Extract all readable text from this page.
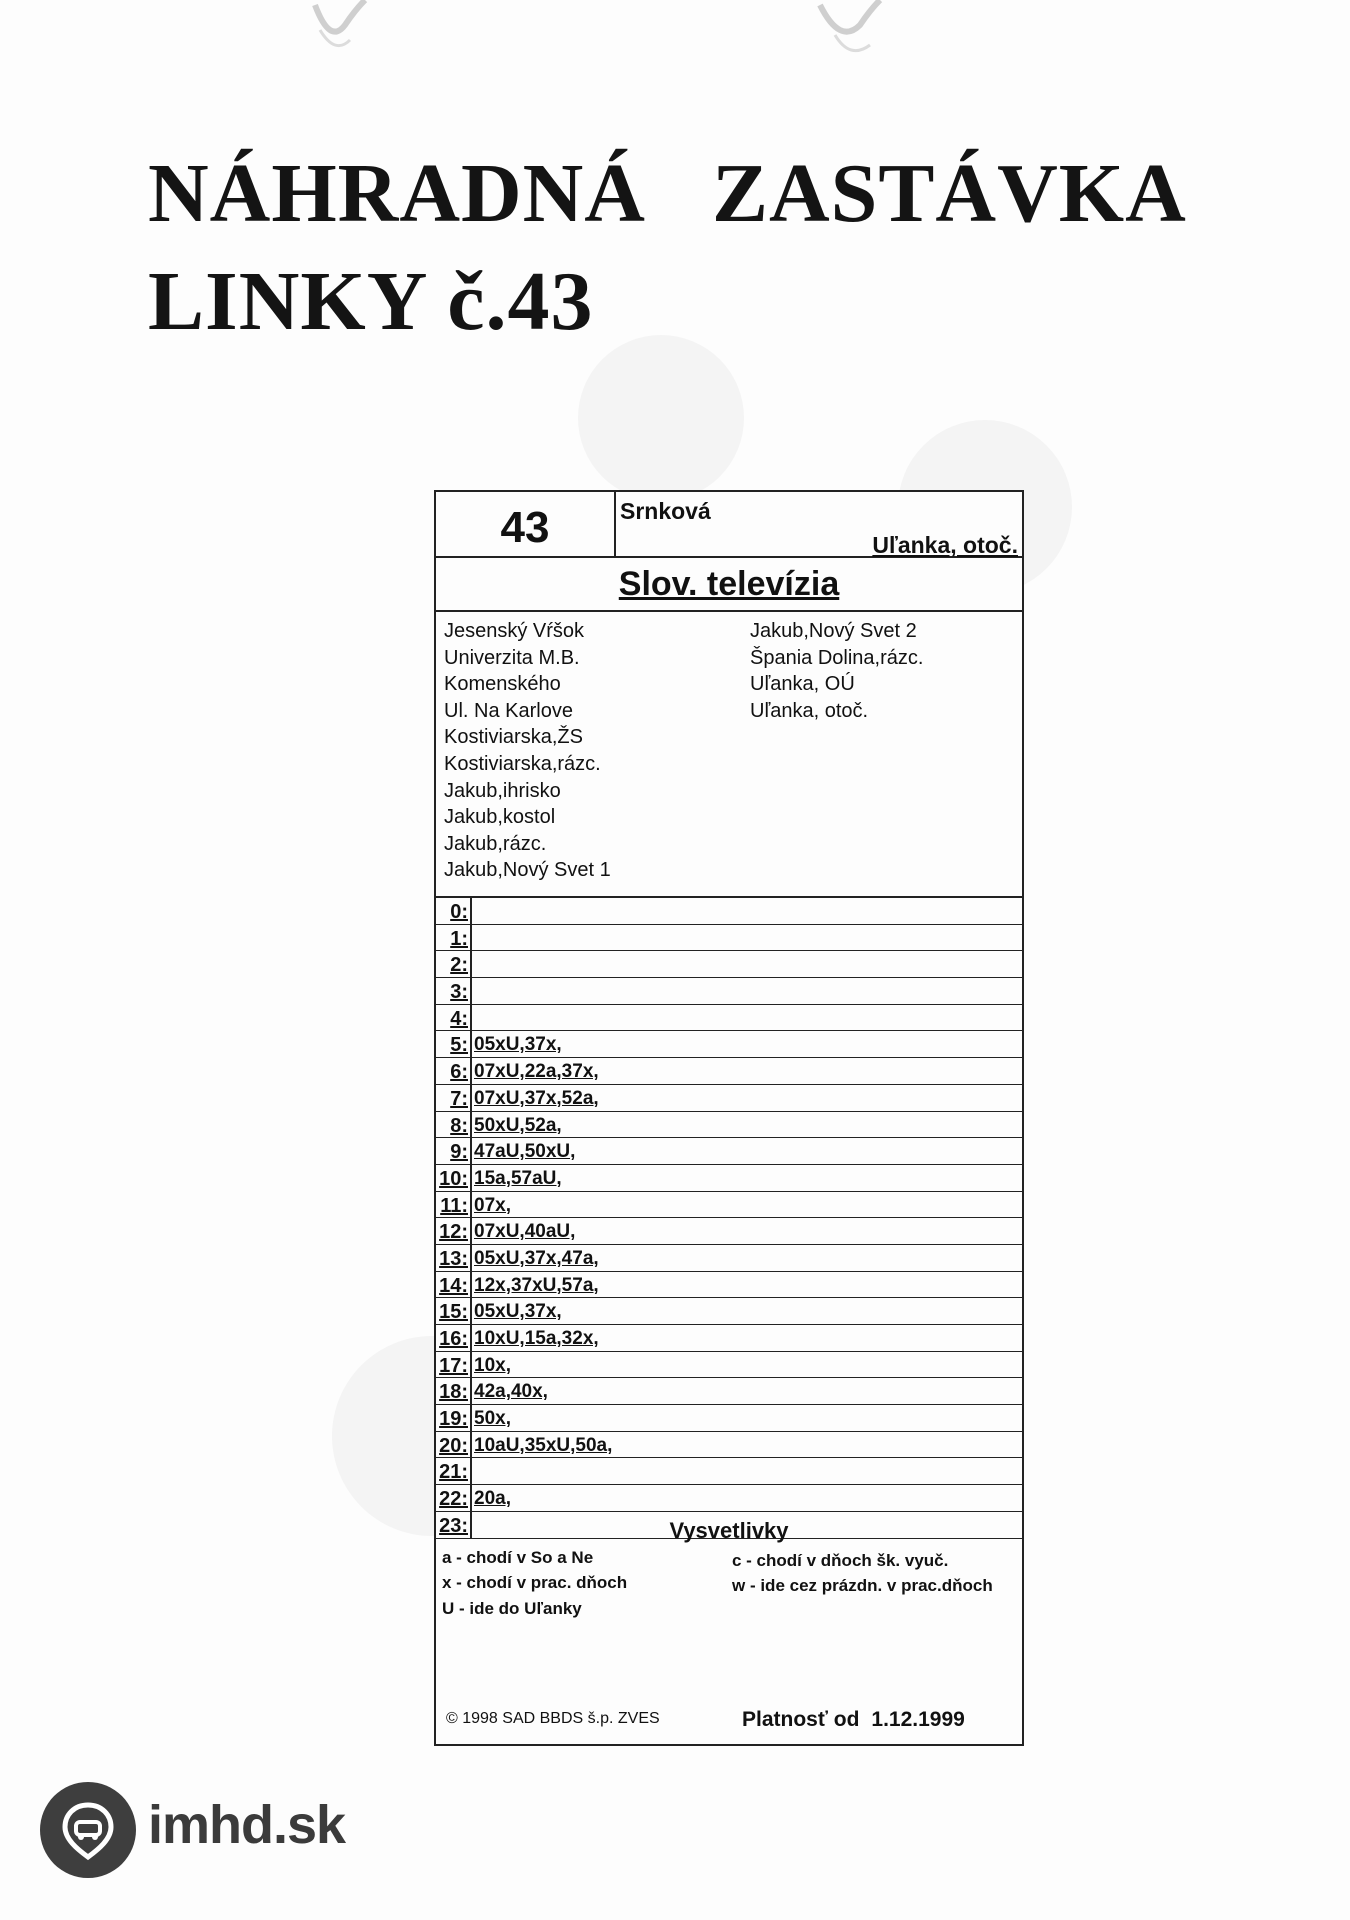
NÁHRADNÁ   ZASTÁVKA
LINKY č.43
43	Srnková
Uľanka, otoč.
Slov. televízia
Jesenský Vŕšok
Univerzita M.B.
Komenského
Ul. Na Karlove
Kostiviarska,ŽS
Kostiviarska,rázc.
Jakub,ihrisko
Jakub,kostol
Jakub,rázc.
Jakub,Nový Svet 1
Jakub,Nový Svet 2
Španiа Dolina,rázc.
Uľanka, OÚ
Uľanka, otoč.
0:
1:
2:
3:
4:
5: 05xU,37x,
6: 07xU,22a,37x,
7: 07xU,37x,52a,
8: 50xU,52a,
9: 47aU,50xU,
10: 15a,57aU,
11: 07x,
12: 07xU,40aU,
13: 05xU,37x,47a,
14: 12x,37xU,57a,
15: 05xU,37x,
16: 10xU,15a,32x,
17: 10x,
18: 42a,40x,
19: 50x,
20: 10aU,35xU,50a,
21:
22: 20a,
23:	Vysvetlivky

a - chodí v So a Ne
x - chodí v prac. dňoch
U - ide do Uľanky
c - chodí v dňoch šk. vyuč.
w - ide cez prázdn. v prac.dňoch
© 1998 SAD BBDS š.p. ZVES	Platnosť od 1.12.1999
imhd.sk
